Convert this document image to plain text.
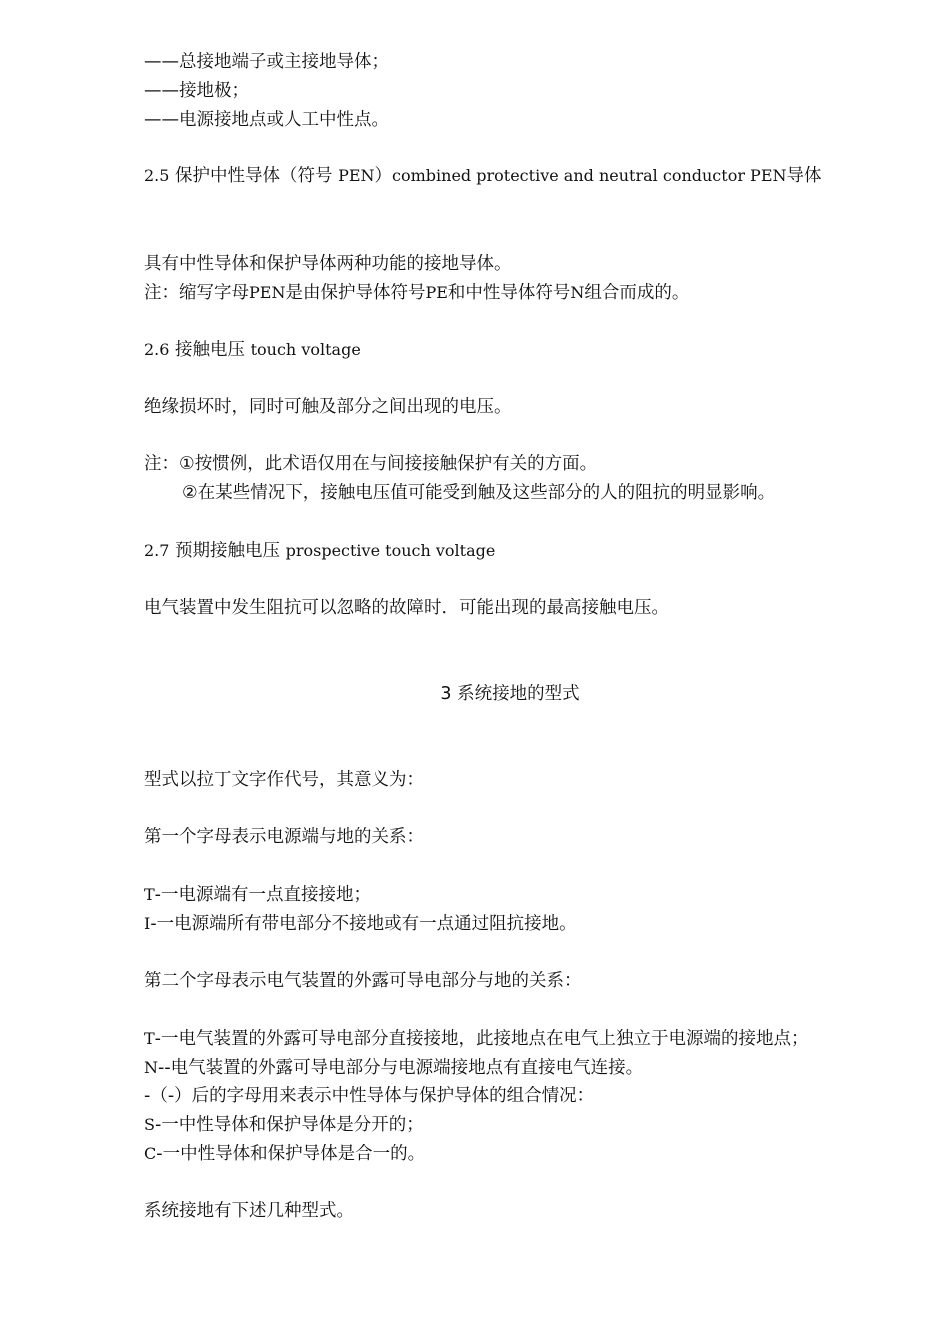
——总接地端子或主接地导体；
——接地极；
——电源接地点或人工中性点。
2.5 保护中性导体（符号 PEN）combined protective and neutral conductor PEN导体
具有中性导体和保护导体两种功能的接地导体。
注：缩写字母PEN是由保护导体符号PE和中性导体符号N组合而成的。
2.6 接触电压 touch voltage
绝缘损坏时，同时可触及部分之间出现的电压。
注：①按惯例，此术语仅用在与间接接触保护有关的方面。
②在某些情况下，接触电压值可能受到触及这些部分的人的阻抗的明显影响。
2.7 预期接触电压 prospective touch voltage
电气装置中发生阻抗可以忽略的故障时．可能出现的最高接触电压。
3 系统接地的型式
型式以拉丁文字作代号，其意义为：
第一个字母表示电源端与地的关系：
T-一电源端有一点直接接地；
I-一电源端所有带电部分不接地或有一点通过阻抗接地。
第二个字母表示电气装置的外露可导电部分与地的关系：
T-一电气装置的外露可导电部分直接接地，此接地点在电气上独立于电源端的接地点；
N--电气装置的外露可导电部分与电源端接地点有直接电气连接。
-（-）后的字母用来表示中性导体与保护导体的组合情况：
S-一中性导体和保护导体是分开的；
C-一中性导体和保护导体是合一的。
系统接地有下述几种型式。
